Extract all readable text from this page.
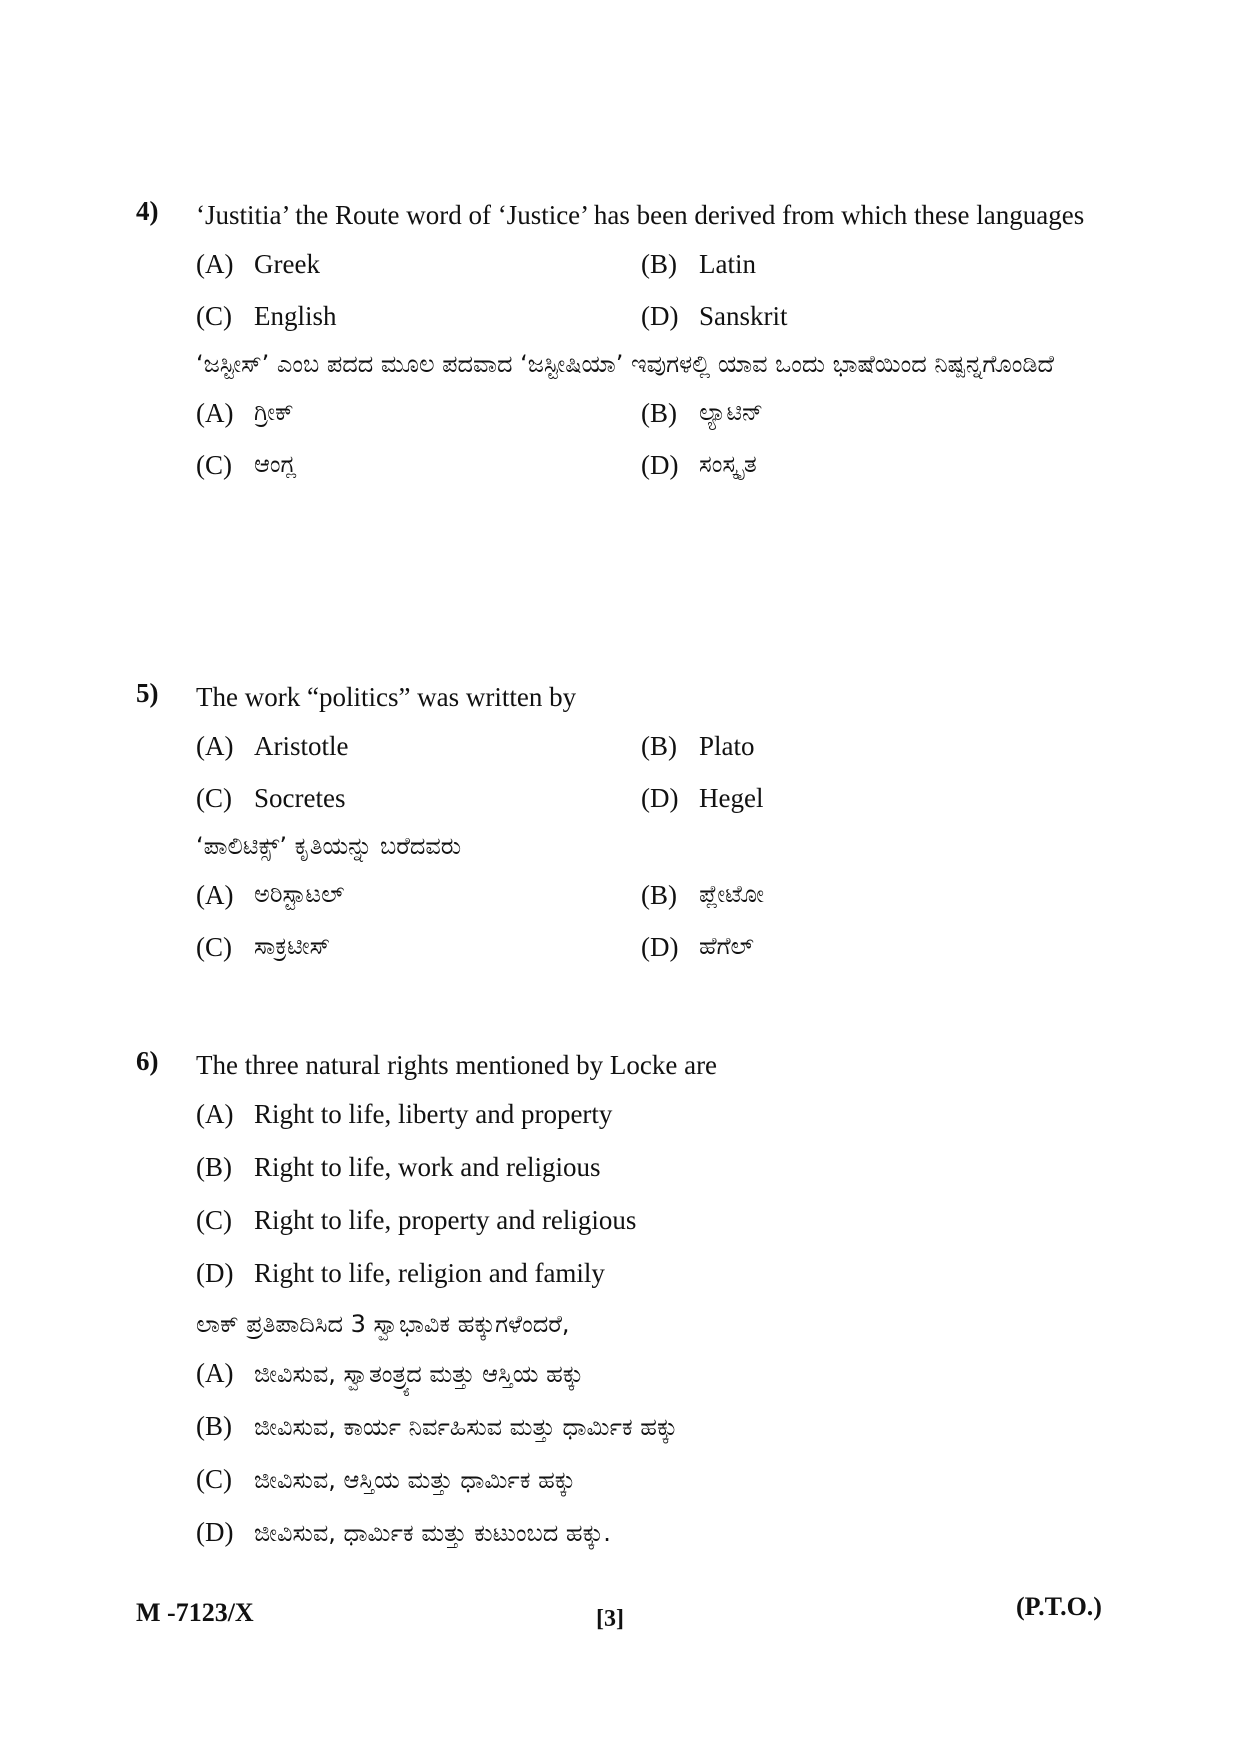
4) ‘Justitia’ the Route word of ‘Justice’ has been derived from which these languages
(A) Greek	(B) Latin
(C) English	(D) Sanskrit
‘ಜಸ್ಟೀಸ್’ ಎಂಬ ಪದದ ಮೂಲ ಪದವಾದ ‘ಜಸ್ಟೀಷಿಯಾ’ ಇವುಗಳಲ್ಲಿ ಯಾವ ಒಂದು ಭಾಷೆಯಿಂದ ನಿಷ್ಪನ್ನಗೊಂಡಿದೆ
(A) ಗ್ರೀಕ್	(B) ಲ್ಯಾಟಿನ್
(C) ಆಂಗ್ಲ	(D) ಸಂಸ್ಕೃತ
5) The work “politics” was written by
(A) Aristotle	(B) Plato
(C) Socretes	(D) Hegel
‘ಪಾಲಿಟಿಕ್ಸ್’ ಕೃತಿಯನ್ನು ಬರೆದವರು
(A) ಅರಿಸ್ಟಾಟಲ್	(B) ಪ್ಲೇಟೋ
(C) ಸಾಕ್ರಟೀಸ್	(D) ಹೆಗೆಲ್
6) The three natural rights mentioned by Locke are
(A) Right to life, liberty and property
(B) Right to life, work and religious
(C) Right to life, property and religious
(D) Right to life, religion and family
ಲಾಕ್ ಪ್ರತಿಪಾದಿಸಿದ 3 ಸ್ವಾಭಾವಿಕ ಹಕ್ಕುಗಳೆಂದರೆ,
(A) ಜೀವಿಸುವ, ಸ್ವಾತಂತ್ರ್ಯದ ಮತ್ತು ಆಸ್ತಿಯ ಹಕ್ಕು
(B) ಜೀವಿಸುವ, ಕಾರ್ಯ ನಿರ್ವಹಿಸುವ ಮತ್ತು ಧಾರ್ಮಿಕ ಹಕ್ಕು
(C) ಜೀವಿಸುವ, ಆಸ್ತಿಯ ಮತ್ತು ಧಾರ್ಮಿಕ ಹಕ್ಕು
(D) ಜೀವಿಸುವ, ಧಾರ್ಮಿಕ ಮತ್ತು ಕುಟುಂಬದ ಹಕ್ಕು.
M -7123/X	[3]	(P.T.O.)
